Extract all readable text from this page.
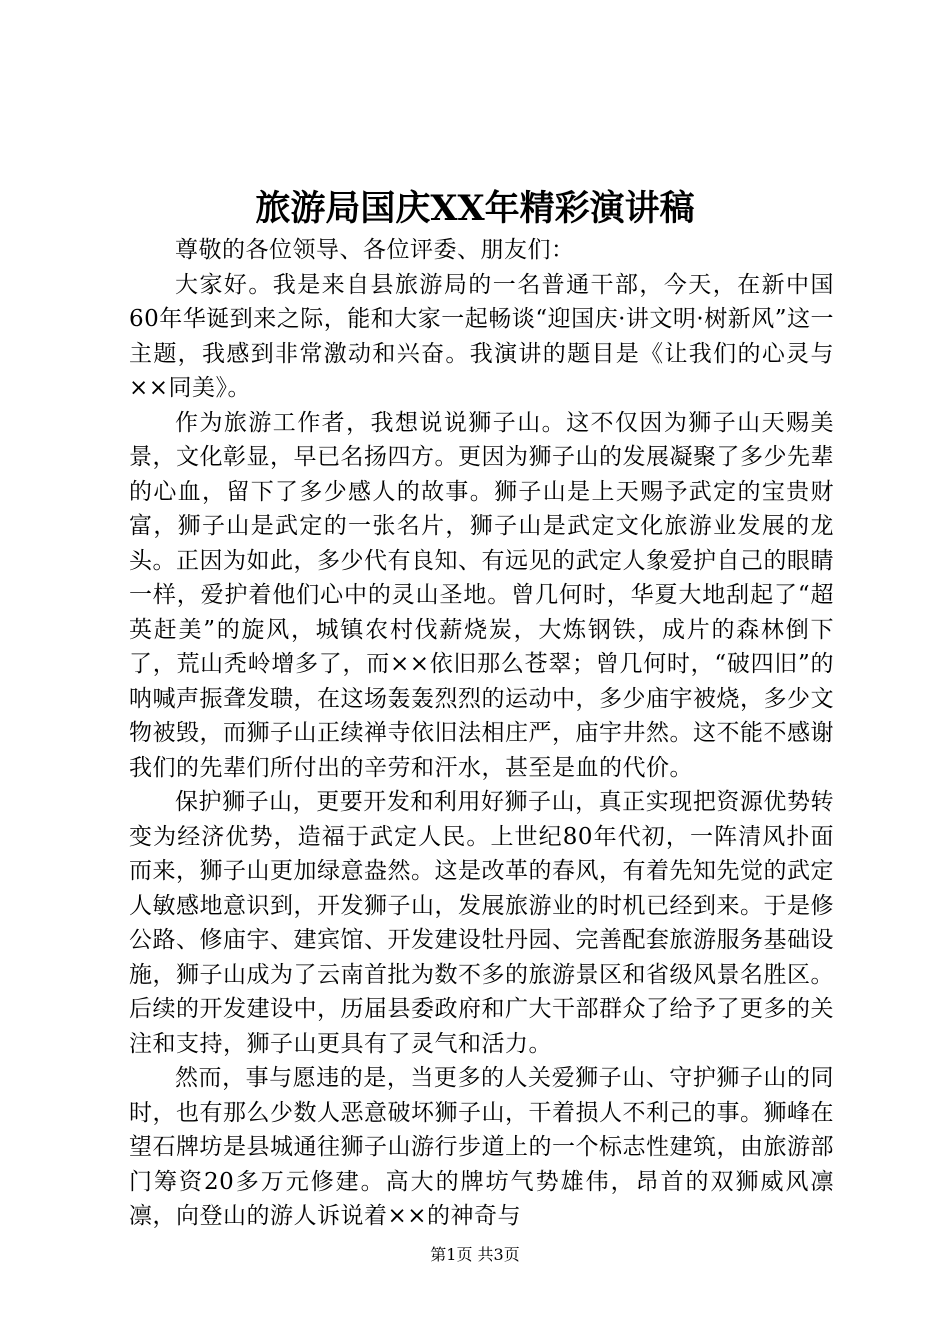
旅游局国庆XX年精彩演讲稿

尊敬的各位领导、各位评委、朋友们：

大家好。我是来自县旅游局的一名普通干部，今天，在新中国60年华诞到来之际，能和大家一起畅谈“迎国庆·讲文明·树新风”这一主题，我感到非常激动和兴奋。我演讲的题目是《让我们的心灵与××同美》。

作为旅游工作者，我想说说狮子山。这不仅因为狮子山天赐美景，文化彰显，早已名扬四方。更因为狮子山的发展凝聚了多少先辈的心血，留下了多少感人的故事。狮子山是上天赐予武定的宝贵财富，狮子山是武定的一张名片，狮子山是武定文化旅游业发展的龙头。正因为如此，多少代有良知、有远见的武定人象爱护自己的眼睛一样，爱护着他们心中的灵山圣地。曾几何时，华夏大地刮起了“超英赶美”的旋风，城镇农村伐薪烧炭，大炼钢铁，成片的森林倒下了，荒山秃岭增多了，而××依旧那么苍翠；曾几何时，“破四旧”的呐喊声振聋发聩，在这场轰轰烈烈的运动中，多少庙宇被烧，多少文物被毁，而狮子山正续禅寺依旧法相庄严，庙宇井然。这不能不感谢我们的先辈们所付出的辛劳和汗水，甚至是血的代价。

保护狮子山，更要开发和利用好狮子山，真正实现把资源优势转变为经济优势，造福于武定人民。上世纪80年代初，一阵清风扑面而来，狮子山更加绿意盎然。这是改革的春风，有着先知先觉的武定人敏感地意识到，开发狮子山，发展旅游业的时机已经到来。于是修公路、修庙宇、建宾馆、开发建设牡丹园、完善配套旅游服务基础设施，狮子山成为了云南首批为数不多的旅游景区和省级风景名胜区。后续的开发建设中，历届县委政府和广大干部群众了给予了更多的关注和支持，狮子山更具有了灵气和活力。

然而，事与愿违的是，当更多的人关爱狮子山、守护狮子山的同时，也有那么少数人恶意破坏狮子山，干着损人不利己的事。狮峰在望石牌坊是县城通往狮子山游行步道上的一个标志性建筑，由旅游部门筹资20多万元修建。高大的牌坊气势雄伟，昂首的双狮威风凛凛，向登山的游人诉说着××的神奇与

第1页 共3页
